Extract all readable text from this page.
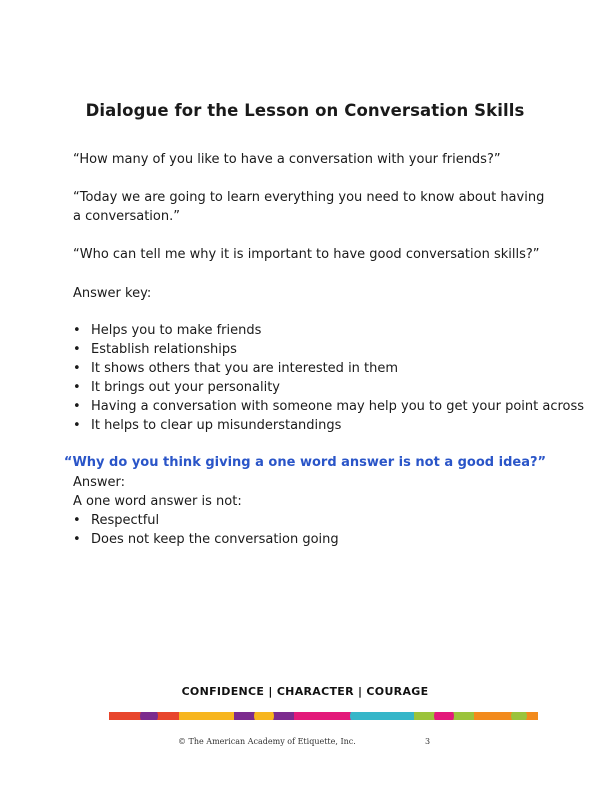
Dialogue for the Lesson on Conversation Skills
“How many of you like to have a conversation with your friends?”
“Today we are going to learn everything you need to know about having a conversation.”
“Who can tell me why it is important to have good conversation skills?”
Answer key:
• Helps you to make friends
• Establish relationships
• It shows others that you are interested in them
• It brings out your personality
• Having a conversation with someone may help you to get your point across
• It helps to clear up misunderstandings
“Why do you think giving a one word answer is not a good idea?”
Answer:
A one word answer is not:
• Respectful
• Does not keep the conversation going
CONFIDENCE | CHARACTER | COURAGE
© The American Academy of Etiquette, Inc.	3
